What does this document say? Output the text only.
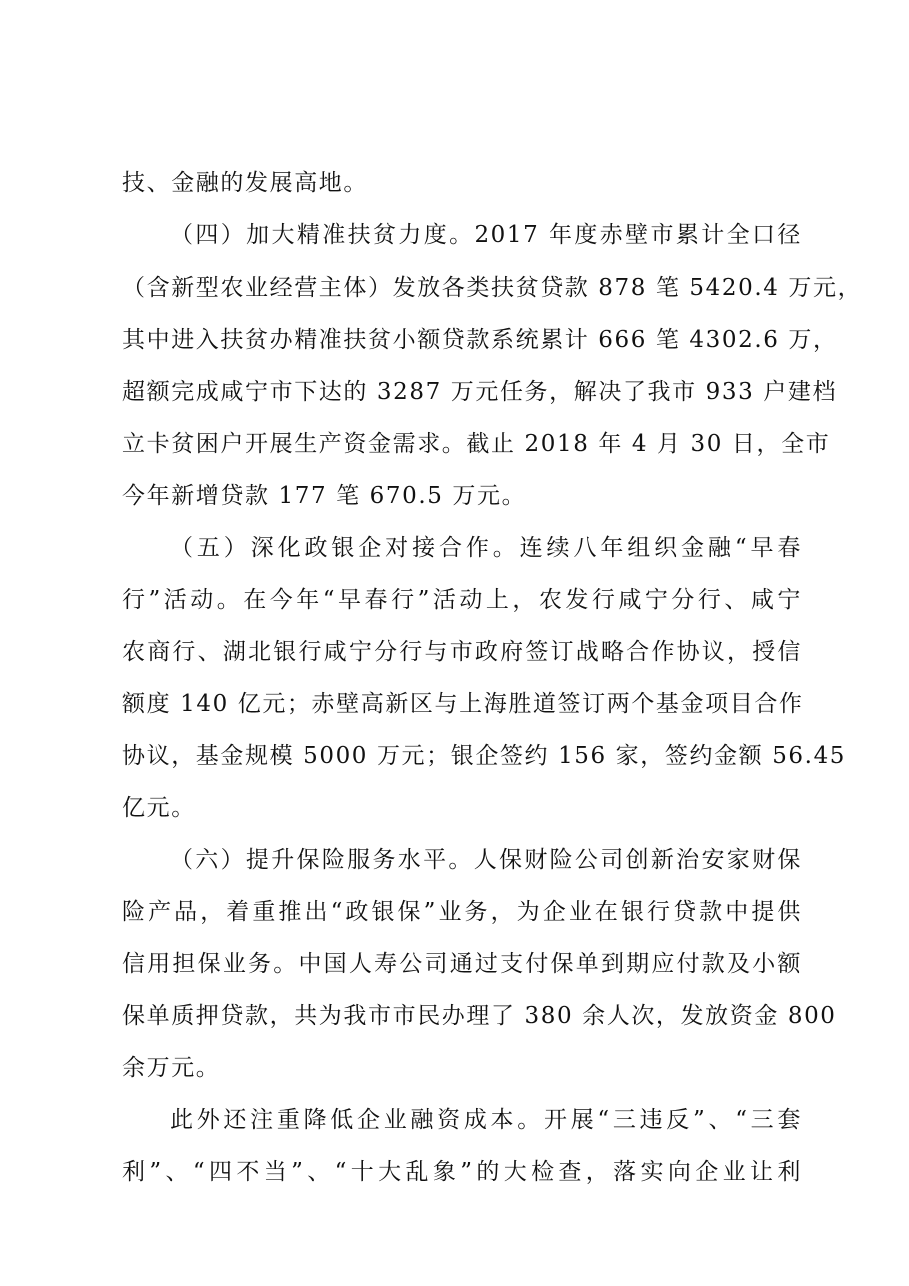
技、金融的发展高地。
（四）加大精准扶贫力度。2017 年度赤壁市累计全口径
（含新型农业经营主体）发放各类扶贫贷款 878 笔 5420.4 万元，
其中进入扶贫办精准扶贫小额贷款系统累计 666 笔 4302.6 万，
超额完成咸宁市下达的 3287 万元任务，解决了我市 933 户建档
立卡贫困户开展生产资金需求。截止 2018 年 4 月 30 日，全市
今年新增贷款 177 笔 670.5 万元。
（五）深化政银企对接合作。连续八年组织金融“早春
行”活动。在今年“早春行”活动上，农发行咸宁分行、咸宁
农商行、湖北银行咸宁分行与市政府签订战略合作协议，授信
额度 140 亿元；赤壁高新区与上海胜道签订两个基金项目合作
协议，基金规模 5000 万元；银企签约 156 家，签约金额 56.45
亿元。
（六）提升保险服务水平。人保财险公司创新治安家财保
险产品，着重推出“政银保”业务，为企业在银行贷款中提供
信用担保业务。中国人寿公司通过支付保单到期应付款及小额
保单质押贷款，共为我市市民办理了 380 余人次，发放资金 800
余万元。
此外还注重降低企业融资成本。开展“三违反”、“三套
利”、“四不当”、“十大乱象”的大检查，落实向企业让利
